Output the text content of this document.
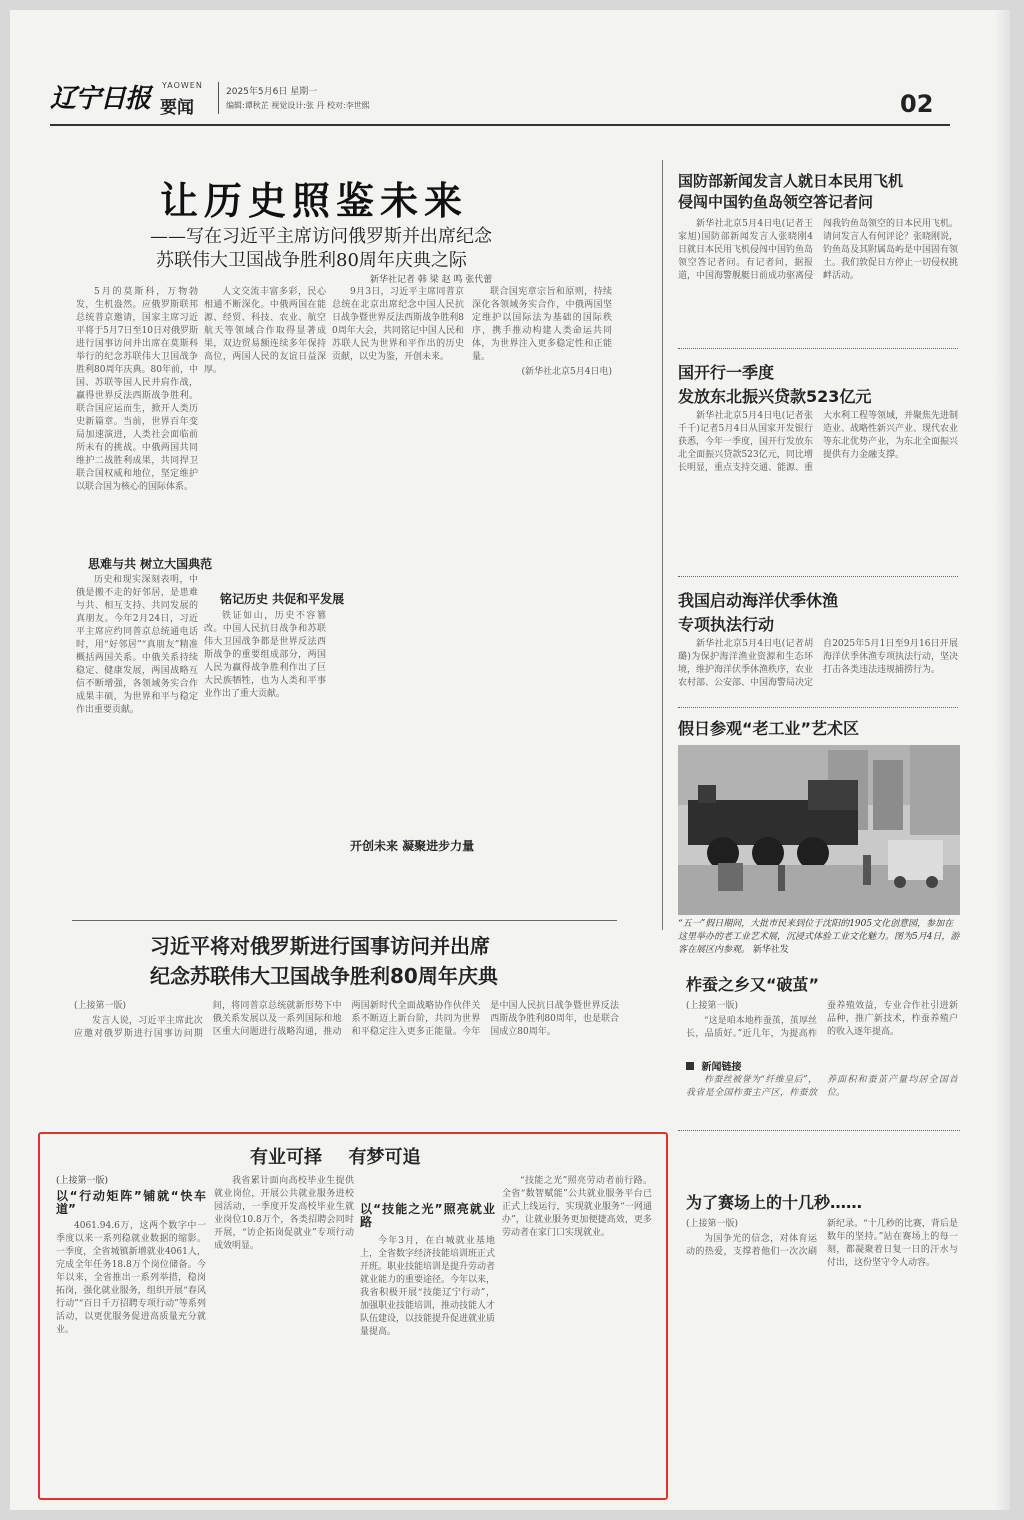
辽宁日报 YAOWEN
要闻
2025年5月6日 星期一
编辑:谭秋芷 视觉设计:张 丹 校对:李世熙	02
让历史照鉴未来
——写在习近平主席访问俄罗斯并出席纪念
苏联伟大卫国战争胜利80周年庆典之际
新华社记者 韩 梁 赵 鸣 张代蕾

5月的莫斯科，万物勃发，生机盎然。应俄罗斯联邦总统普京邀请，国家主席习近平将于5月7日至10日对俄罗斯进行国事访问并出席在莫斯科举行的纪念苏联伟大卫国战争胜利80周年庆典。80年前，中国、苏联等国人民并肩作战，赢得世界反法西斯战争胜利。联合国应运而生，掀开人类历史新篇章。当前，世界百年变局加速演进，人类社会面临前所未有的挑战。中俄两国共同维护二战胜利成果，共同捍卫联合国权威和地位，坚定维护以联合国为核心的国际体系。

思难与共 树立大国典范

历史和现实深刻表明，中俄是搬不走的好邻居，是患难与共、相互支持、共同发展的真朋友。今年2月24日，习近平主席应约同普京总统通电话时，用“好邻居”“真朋友”精准概括两国关系。中俄关系持续稳定、健康发展，两国战略互信不断增强，各领域务实合作成果丰硕，为世界和平与稳定作出重要贡献。

人文交流丰富多彩，民心相通不断深化。中俄两国在能源、经贸、科技、农业、航空航天等领域合作取得显著成果，双边贸易额连续多年保持高位，两国人民的友谊日益深厚。

铭记历史 共促和平发展

铁证如山，历史不容篡改。中国人民抗日战争和苏联伟大卫国战争都是世界反法西斯战争的重要组成部分，两国人民为赢得战争胜利作出了巨大民族牺牲，也为人类和平事业作出了重大贡献。

9月3日，习近平主席同普京总统在北京出席纪念中国人民抗日战争暨世界反法西斯战争胜利80周年大会，共同铭记中国人民和苏联人民为世界和平作出的历史贡献，以史为鉴，开创未来。

开创未来 凝聚进步力量

联合国宪章宗旨和原则，持续深化各领域务实合作，中俄两国坚定维护以国际法为基础的国际秩序，携手推动构建人类命运共同体，为世界注入更多稳定性和正能量。

(新华社北京5月4日电)

习近平将对俄罗斯进行国事访问并出席
纪念苏联伟大卫国战争胜利80周年庆典

(上接第一版)

发言人说，习近平主席此次应邀对俄罗斯进行国事访问期间，将同普京总统就新形势下中俄关系发展以及一系列国际和地区重大问题进行战略沟通，推动两国新时代全面战略协作伙伴关系不断迈上新台阶，共同为世界和平稳定注入更多正能量。今年是中国人民抗日战争暨世界反法西斯战争胜利80周年，也是联合国成立80周年。

有业可择 有梦可追

(上接第一版)

以“行动矩阵”铺就“快车道”

4061.94.6万，这两个数字中一季度以来一系列稳就业数据的缩影。一季度，全省城镇新增就业4061人，完成全年任务18.8万个岗位储备。今年以来，全省推出一系列举措，稳岗拓岗，强化就业服务，组织开展“春风行动”“百日千万招聘专项行动”等系列活动，以更优服务促进高质量充分就业。

我省累计面向高校毕业生提供就业岗位，开展公共就业服务进校园活动，一季度开发高校毕业生就业岗位10.8万个，各类招聘会同时开展，“访企拓岗促就业”专项行动成效明显。

以“技能之光”照亮就业路

今年3月，在白城就业基地上，全省数字经济技能培训班正式开班。职业技能培训是提升劳动者就业能力的重要途径。今年以来，我省积极开展“技能辽宁行动”，加强职业技能培训，推动技能人才队伍建设，以技能提升促进就业质量提高。

“技能之光”照亮劳动者前行路。全省“数智赋能”公共就业服务平台已正式上线运行，实现就业服务“一网通办”，让就业服务更加便捷高效，更多劳动者在家门口实现就业。

国防部新闻发言人就日本民用飞机
侵闯中国钓鱼岛领空答记者问

新华社北京5月4日电(记者王家旭)国防部新闻发言人张晓刚4日就日本民用飞机侵闯中国钓鱼岛领空答记者问。有记者问，据报道，中国海警舰艇日前成功驱离侵闯我钓鱼岛领空的日本民用飞机。请问发言人有何评论？张晓刚说，钓鱼岛及其附属岛屿是中国固有领土。我们敦促日方停止一切侵权挑衅活动。

国开行一季度
发放东北振兴贷款523亿元

新华社北京5月4日电(记者张千千)记者5月4日从国家开发银行获悉，今年一季度，国开行发放东北全面振兴贷款523亿元，同比增长明显，重点支持交通、能源、重大水利工程等领域，并聚焦先进制造业、战略性新兴产业、现代农业等东北优势产业，为东北全面振兴提供有力金融支撑。

我国启动海洋伏季休渔
专项执法行动

新华社北京5月4日电(记者胡璐)为保护海洋渔业资源和生态环境，维护海洋伏季休渔秩序，农业农村部、公安部、中国海警局决定自2025年5月1日至9月16日开展海洋伏季休渔专项执法行动，坚决打击各类违法违规捕捞行为。

假日参观“老工业”艺术区
“五一”假日期间，大批市民来到位于沈阳的1905文化创意园，参加在这里举办的老工业艺术展，沉浸式体验工业文化魅力。图为5月4日，游客在展区内参观。 新华社发
柞蚕之乡又“破茧”

(上接第一版)

“这是咱本地柞蚕茧，茧厚丝长，品质好。”近几年，为提高柞蚕养殖效益，专业合作社引进新品种，推广新技术，柞蚕养殖户的收入逐年提高。

新闻链接

柞蚕丝被誉为“纤维皇后”，我省是全国柞蚕主产区，柞蚕放养面积和蚕茧产量均居全国首位。

为了赛场上的十几秒……

(上接第一版)

为国争光的信念，对体育运动的热爱，支撑着他们一次次刷新纪录。“十几秒的比赛，背后是数年的坚持。”站在赛场上的每一刻，都凝聚着日复一日的汗水与付出，这份坚守令人动容。
